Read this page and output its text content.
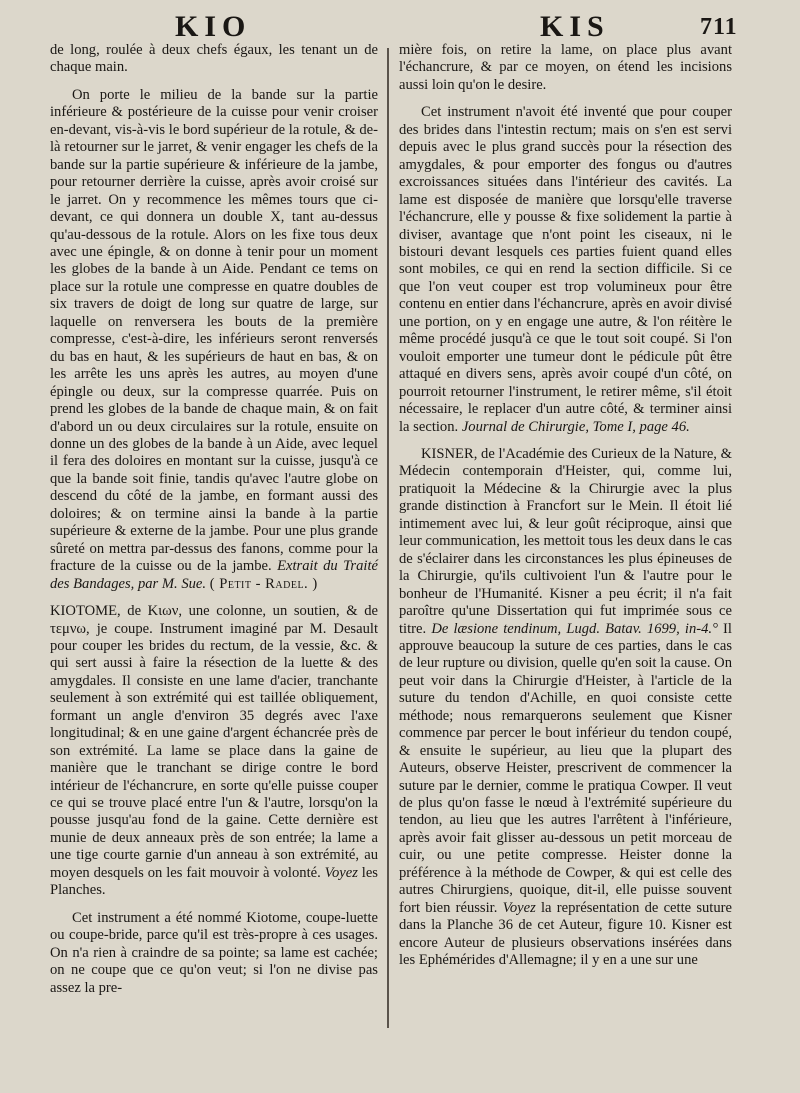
KIO	KIS	711

de long, roulée à deux chefs égaux, les tenant un de chaque main.

On porte le milieu de la bande sur la partie inférieure & postérieure de la cuisse pour venir croiser en-devant, vis-à-vis le bord supérieur de la rotule, & de-là retourner sur le jarret, & venir engager les chefs de la bande sur la partie supérieure & inférieure de la jambe, pour retourner derrière la cuisse, après avoir croisé sur le jarret. On y recommence les mêmes tours que ci-devant, ce qui donnera un double X, tant au-dessus qu'au-dessous de la rotule. Alors on les fixe tous deux avec une épingle, & on donne à tenir pour un moment les globes de la bande à un Aide. Pendant ce tems on place sur la rotule une compresse en quatre doubles de six travers de doigt de long sur quatre de large, sur laquelle on renversera les bouts de la première compresse, c'est-à-dire, les inférieurs seront renversés du bas en haut, & les supérieurs de haut en bas, & on les arrête les uns après les autres, au moyen d'une épingle ou deux, sur la compresse quarrée. Puis on prend les globes de la bande de chaque main, & on fait d'abord un ou deux circulaires sur la rotule, ensuite on donne un des globes de la bande à un Aide, avec lequel il fera des doloires en montant sur la cuisse, jusqu'à ce que la bande soit finie, tandis qu'avec l'autre globe on descend du côté de la jambe, en formant aussi des doloires; & on termine ainsi la bande à la partie supérieure & externe de la jambe. Pour une plus grande sûreté on mettra par-dessus des fanons, comme pour la fracture de la cuisse ou de la jambe. Extrait du Traité des Bandages, par M. Sue. ( Petit - Radel. )

KIOTOME, de Κιων, une colonne, un soutien, & de τεμνω, je coupe. Instrument imaginé par M. Desault pour couper les brides du rectum, de la vessie, &c. & qui sert aussi à faire la résection de la luette & des amygdales. Il consiste en une lame d'acier, tranchante seulement à son extrémité qui est taillée obliquement, formant un angle d'environ 35 degrés avec l'axe longitudinal; & en une gaine d'argent échancrée près de son extrémité. La lame se place dans la gaine de manière que le tranchant se dirige contre le bord intérieur de l'échancrure, en sorte qu'elle puisse couper ce qui se trouve placé entre l'un & l'autre, lorsqu'on la pousse jusqu'au fond de la gaine. Cette dernière est munie de deux anneaux près de son entrée; la lame a une tige courte garnie d'un anneau à son extrémité, au moyen desquels on les fait mouvoir à volonté. Voyez les Planches.

Cet instrument a été nommé Kiotome, coupe-luette ou coupe-bride, parce qu'il est très-propre à ces usages. On n'a rien à craindre de sa pointe; sa lame est cachée; on ne coupe que ce qu'on veut; si l'on ne divise pas assez la pre-

mière fois, on retire la lame, on place plus avant l'échancrure, & par ce moyen, on étend les incisions aussi loin qu'on le desire.

Cet instrument n'avoit été inventé que pour couper des brides dans l'intestin rectum; mais on s'en est servi depuis avec le plus grand succès pour la résection des amygdales, & pour emporter des fongus ou d'autres excroissances situées dans l'intérieur des cavités. La lame est disposée de manière que lorsqu'elle traverse l'échancrure, elle y pousse & fixe solidement la partie à diviser, avantage que n'ont point les ciseaux, ni le bistouri devant lesquels ces parties fuient quand elles sont mobiles, ce qui en rend la section difficile. Si ce que l'on veut couper est trop volumineux pour être contenu en entier dans l'échancrure, après en avoir divisé une portion, on y en engage une autre, & l'on réitère le même procédé jusqu'à ce que le tout soit coupé. Si l'on vouloit emporter une tumeur dont le pédicule pût être attaqué en divers sens, après avoir coupé d'un côté, on pourroit retourner l'instrument, le retirer même, s'il étoit nécessaire, le replacer d'un autre côté, & terminer ainsi la section. Journal de Chirurgie, Tome I, page 46.

KISNER, de l'Académie des Curieux de la Nature, & Médecin contemporain d'Heister, qui, comme lui, pratiquoit la Médecine & la Chirurgie avec la plus grande distinction à Francfort sur le Mein. Il étoit lié intimement avec lui, & leur goût réciproque, ainsi que leur communication, les mettoit tous les deux dans le cas de s'éclairer dans les circonstances les plus épineuses de la Chirurgie, qu'ils cultivoient l'un & l'autre pour le bonheur de l'Humanité. Kisner a peu écrit; il n'a fait paroître qu'une Dissertation qui fut imprimée sous ce titre. De læsione tendinum, Lugd. Batav. 1699, in-4.° Il approuve beaucoup la suture de ces parties, dans le cas de leur rupture ou division, quelle qu'en soit la cause. On peut voir dans la Chirurgie d'Heister, à l'article de la suture du tendon d'Achille, en quoi consiste cette méthode; nous remarquerons seulement que Kisner commence par percer le bout inférieur du tendon coupé, & ensuite le supérieur, au lieu que la plupart des Auteurs, observe Heister, prescrivent de commencer la suture par le dernier, comme le pratiqua Cowper. Il veut de plus qu'on fasse le nœud à l'extrémité supérieure du tendon, au lieu que les autres l'arrêtent à l'inférieure, après avoir fait glisser au-dessous un petit morceau de cuir, ou une petite compresse. Heister donne la préférence à la méthode de Cowper, & qui est celle des autres Chirurgiens, quoique, dit-il, elle puisse souvent fort bien réussir. Voyez la représentation de cette suture dans la Planche 36 de cet Auteur, figure 10. Kisner est encore Auteur de plusieurs observations insérées dans les Ephémérides d'Allemagne; il y en a une sur une
